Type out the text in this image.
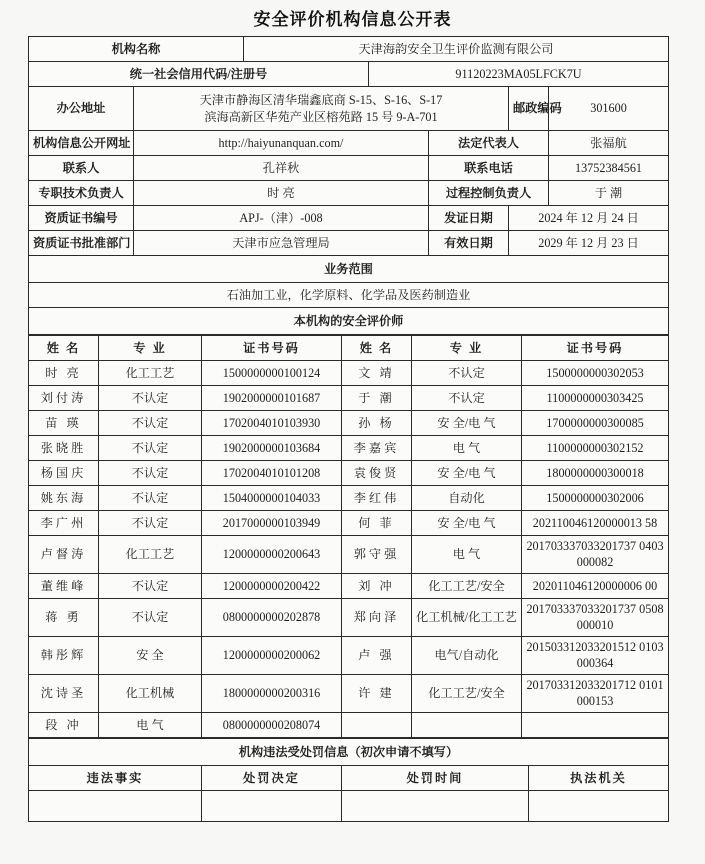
安全评价机构信息公开表
机构名称		天津海韵安全卫生评价监测有限公司				
统一社会信用代码/注册号			91120223MA05LFCK7U			
办公地址	天津市静海区清华瑞鑫底商 S-15、S-16、S-17
滨海高新区华苑产业区榕苑路 15 号 9-A-701				邮政编码	301600
机构信息公开网址	http://haiyunanquan.com/			法定代表人		张福航
联系人	孔祥秋			联系电话		13752384561
专职技术负责人	时 亮			过程控制负责人		于 潮
资质证书编号	APJ-（津）-008			发证日期	2024 年 12 月 24 日	
资质证书批准部门	天津市应急管理局			有效日期	2029 年 12 月 23 日	
业务范围						
石油加工业，化学原料、化学品及医药制造业						
本机构的安全评价师						
姓 名	专 业	证书号码	姓 名	专 业	证书号码
时 亮	化工工艺	1500000000100124	文 靖	不认定	1500000000302053
刘付涛	不认定	1902000000101687	于 潮	不认定	1100000000303425
苗 瑛	不认定	1702004010103930	孙 杨	安 全/电 气	1700000000300085
张晓胜	不认定	1902000000103684	李嘉宾	电 气	1100000000302152
杨国庆	不认定	1702004010101208	袁俊贤	安 全/电 气	1800000000300018
姚东海	不认定	1504000000104033	李红伟	自动化	1500000000302006
李广州	不认定	2017000000103949	何 菲	安 全/电 气	202110046120000013 58
卢督涛	化工工艺	1200000000200643	郭守强	电 气	201703337033201737 0403000082
董维峰	不认定	1200000000200422	刘 冲	化工工艺/安全	202011046120000006 00
蒋 勇	不认定	0800000000202878	郑向泽	化工机械/化工工艺	201703337033201737 0508000010
韩彤辉	安 全	1200000000200062	卢 强	电气/自动化	201503312033201512 0103000364
沈诗圣	化工机械	1800000000200316	许 建	化工工艺/安全	201703312033201712 0101000153
段 冲	电 气	0800000000208074			
机构违法受处罚信息（初次申请不填写）			
违法事实	处罚决定	处罚时间	执法机关
